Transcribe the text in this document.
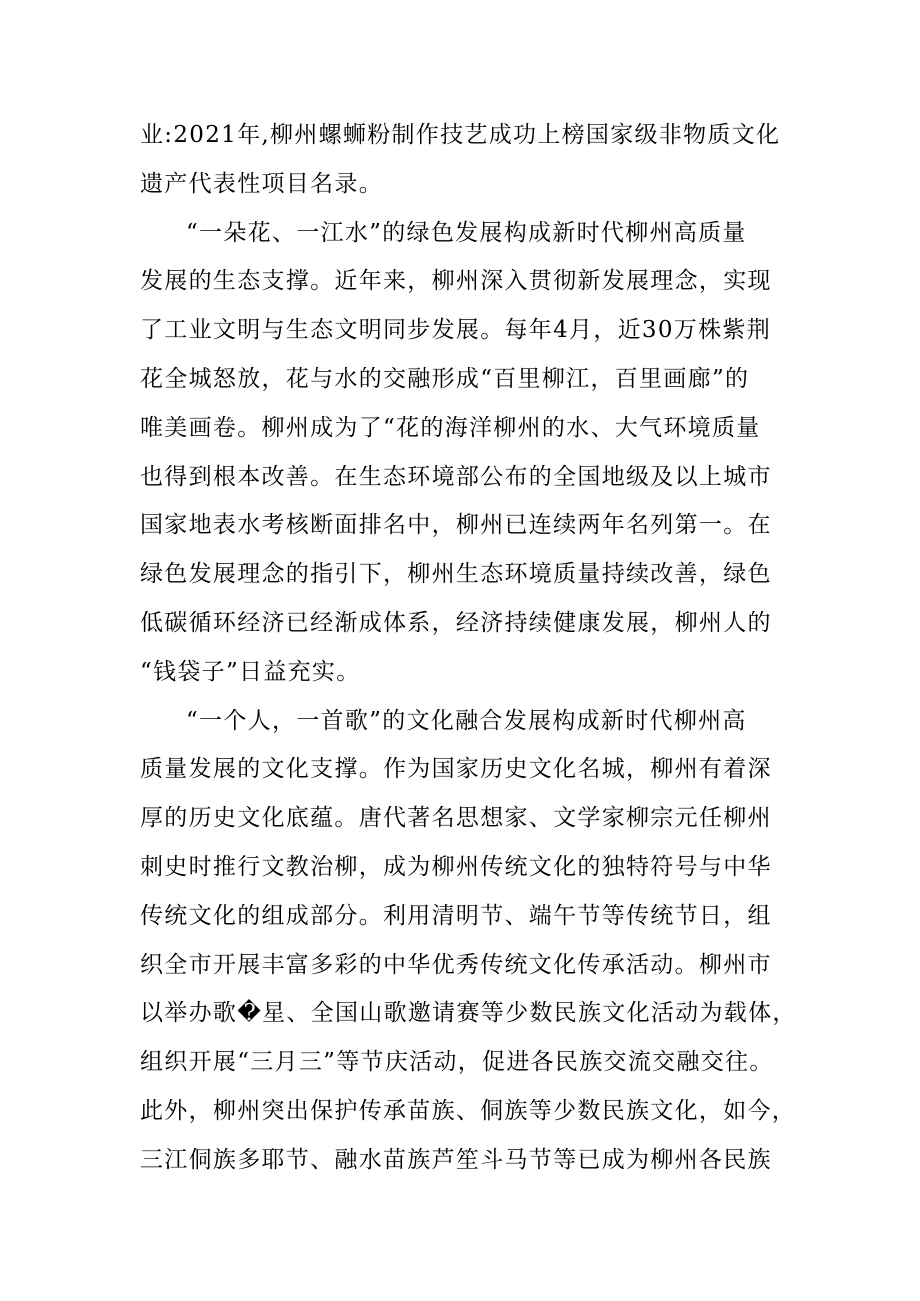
业:2021年,柳州螺蛳粉制作技艺成功上榜国家级非物质文化
遗产代表性项目名录。
“一朵花、一江水”的绿色发展构成新时代柳州高质量
发展的生态支撑。近年来，柳州深入贯彻新发展理念，实现
了工业文明与生态文明同步发展。每年4月，近30万株紫荆
花全城怒放，花与水的交融形成“百里柳江，百里画廊”的
唯美画卷。柳州成为了“花的海洋柳州的水、大气环境质量
也得到根本改善。在生态环境部公布的全国地级及以上城市
国家地表水考核断面排名中，柳州已连续两年名列第一。在
绿色发展理念的指引下，柳州生态环境质量持续改善，绿色
低碳循环经济已经渐成体系，经济持续健康发展，柳州人的
“钱袋子”日益充实。
“一个人，一首歌”的文化融合发展构成新时代柳州高
质量发展的文化支撑。作为国家历史文化名城，柳州有着深
厚的历史文化底蕴。唐代著名思想家、文学家柳宗元任柳州
刺史时推行文教治柳，成为柳州传统文化的独特符号与中华
传统文化的组成部分。利用清明节、端午节等传统节日，组
织全市开展丰富多彩的中华优秀传统文化传承活动。柳州市
以举办歌�星、全国山歌邀请赛等少数民族文化活动为载体，
组织开展“三月三”等节庆活动，促进各民族交流交融交往。
此外，柳州突出保护传承苗族、侗族等少数民族文化，如今，
三江侗族多耶节、融水苗族芦笙斗马节等已成为柳州各民族
